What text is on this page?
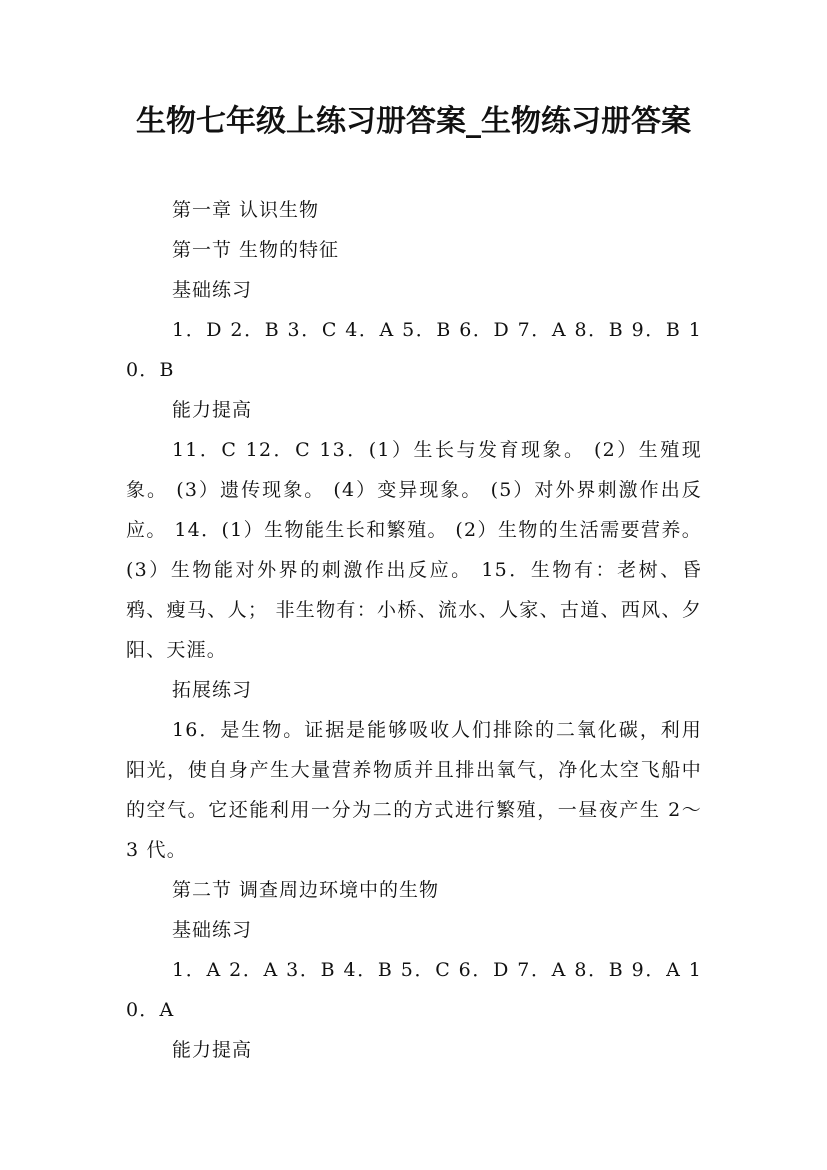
生物七年级上练习册答案_生物练习册答案

第一章 认识生物

第一节 生物的特征

基础练习

1．D 2．B 3．C 4．A 5．B 6．D 7．A 8．B 9．B 10．B

能力提高

11．C 12．C 13．(1）生长与发育现象。 (2）生殖现象。 (3）遗传现象。 (4）变异现象。 (5）对外界刺激作出反应。 14．(1）生物能生长和繁殖。 (2）生物的生活需要营养。 (3）生物能对外界的刺激作出反应。 15．生物有：老树、昏鸦、瘦马、人； 非生物有：小桥、流水、人家、古道、西风、夕阳、天涯。

拓展练习

16．是生物。证据是能够吸收人们排除的二氧化碳，利用阳光，使自身产生大量营养物质并且排出氧气，净化太空飞船中的空气。它还能利用一分为二的方式进行繁殖，一昼夜产生 2～3 代。

第二节 调查周边环境中的生物

基础练习

1．A 2．A 3．B 4．B 5．C 6．D 7．A 8．B 9．A 10．A

能力提高
